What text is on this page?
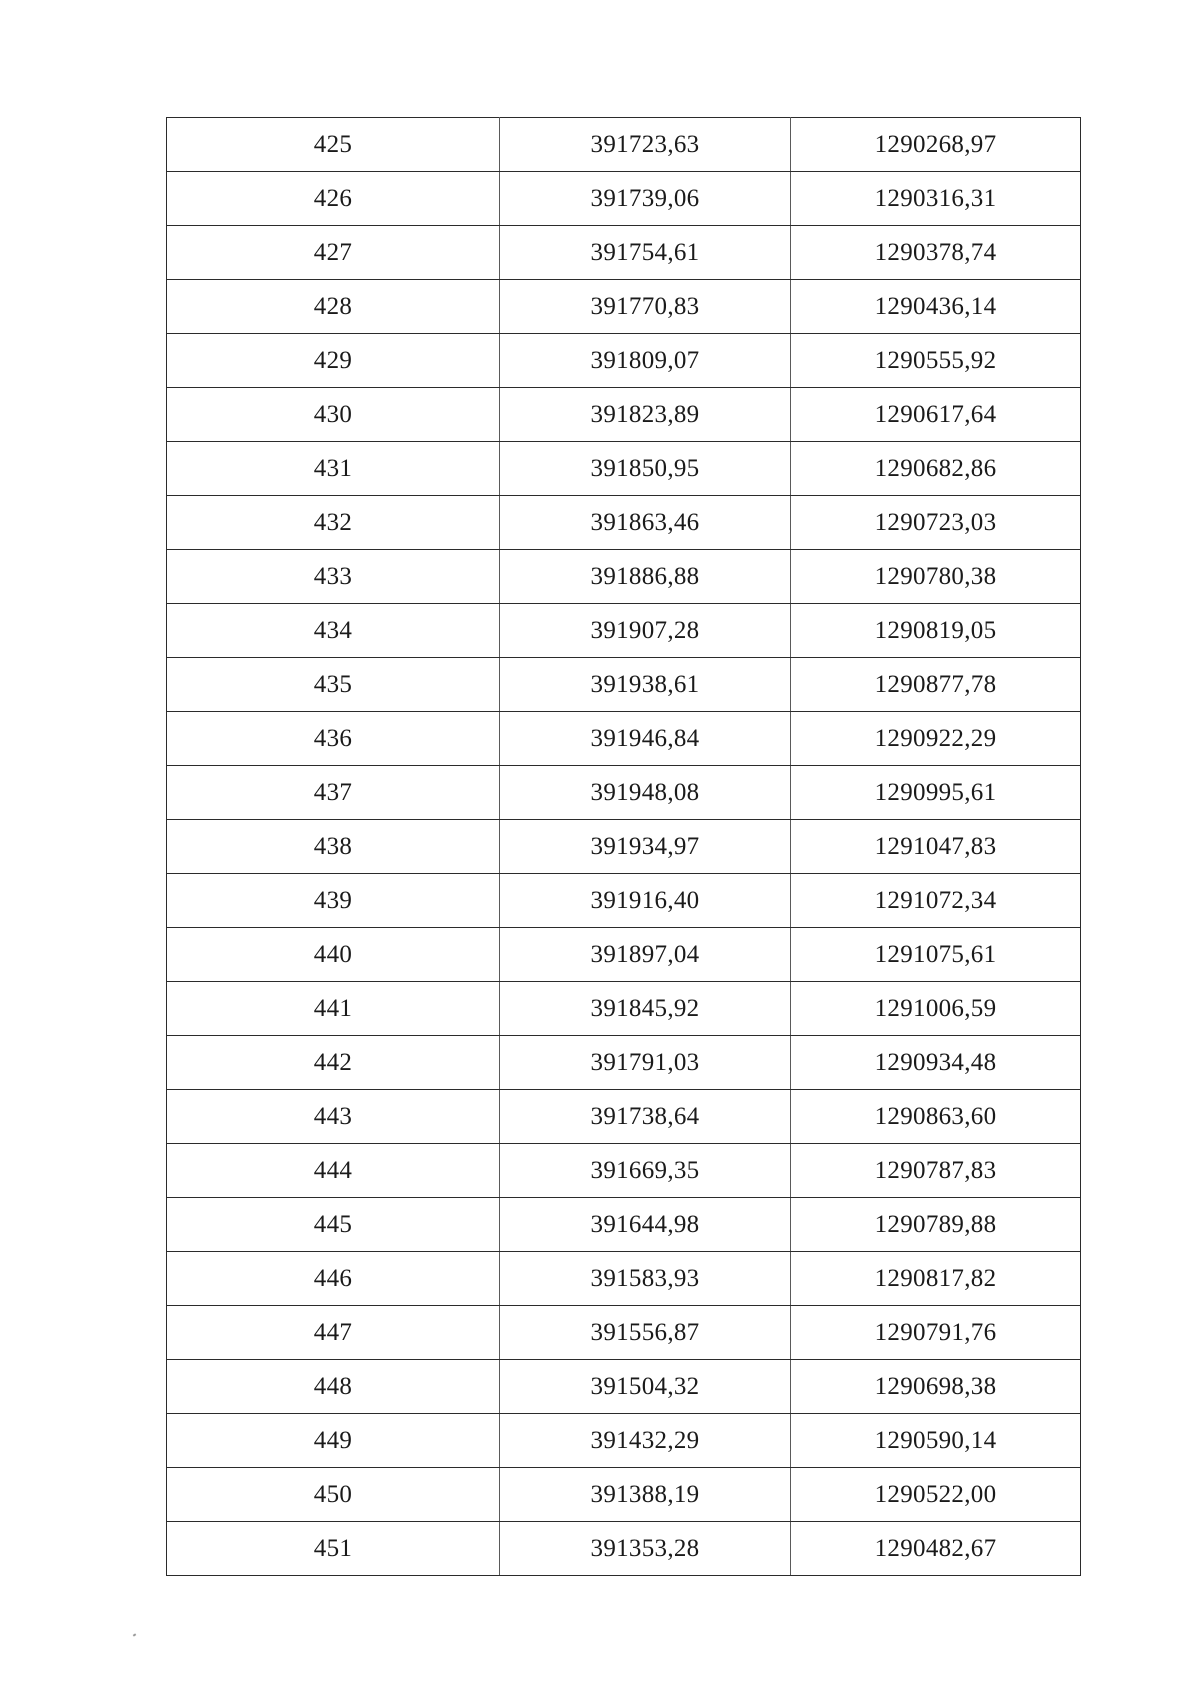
425	391723,63	1290268,97
426	391739,06	1290316,31
427	391754,61	1290378,74
428	391770,83	1290436,14
429	391809,07	1290555,92
430	391823,89	1290617,64
431	391850,95	1290682,86
432	391863,46	1290723,03
433	391886,88	1290780,38
434	391907,28	1290819,05
435	391938,61	1290877,78
436	391946,84	1290922,29
437	391948,08	1290995,61
438	391934,97	1291047,83
439	391916,40	1291072,34
440	391897,04	1291075,61
441	391845,92	1291006,59
442	391791,03	1290934,48
443	391738,64	1290863,60
444	391669,35	1290787,83
445	391644,98	1290789,88
446	391583,93	1290817,82
447	391556,87	1290791,76
448	391504,32	1290698,38
449	391432,29	1290590,14
450	391388,19	1290522,00
451	391353,28	1290482,67
